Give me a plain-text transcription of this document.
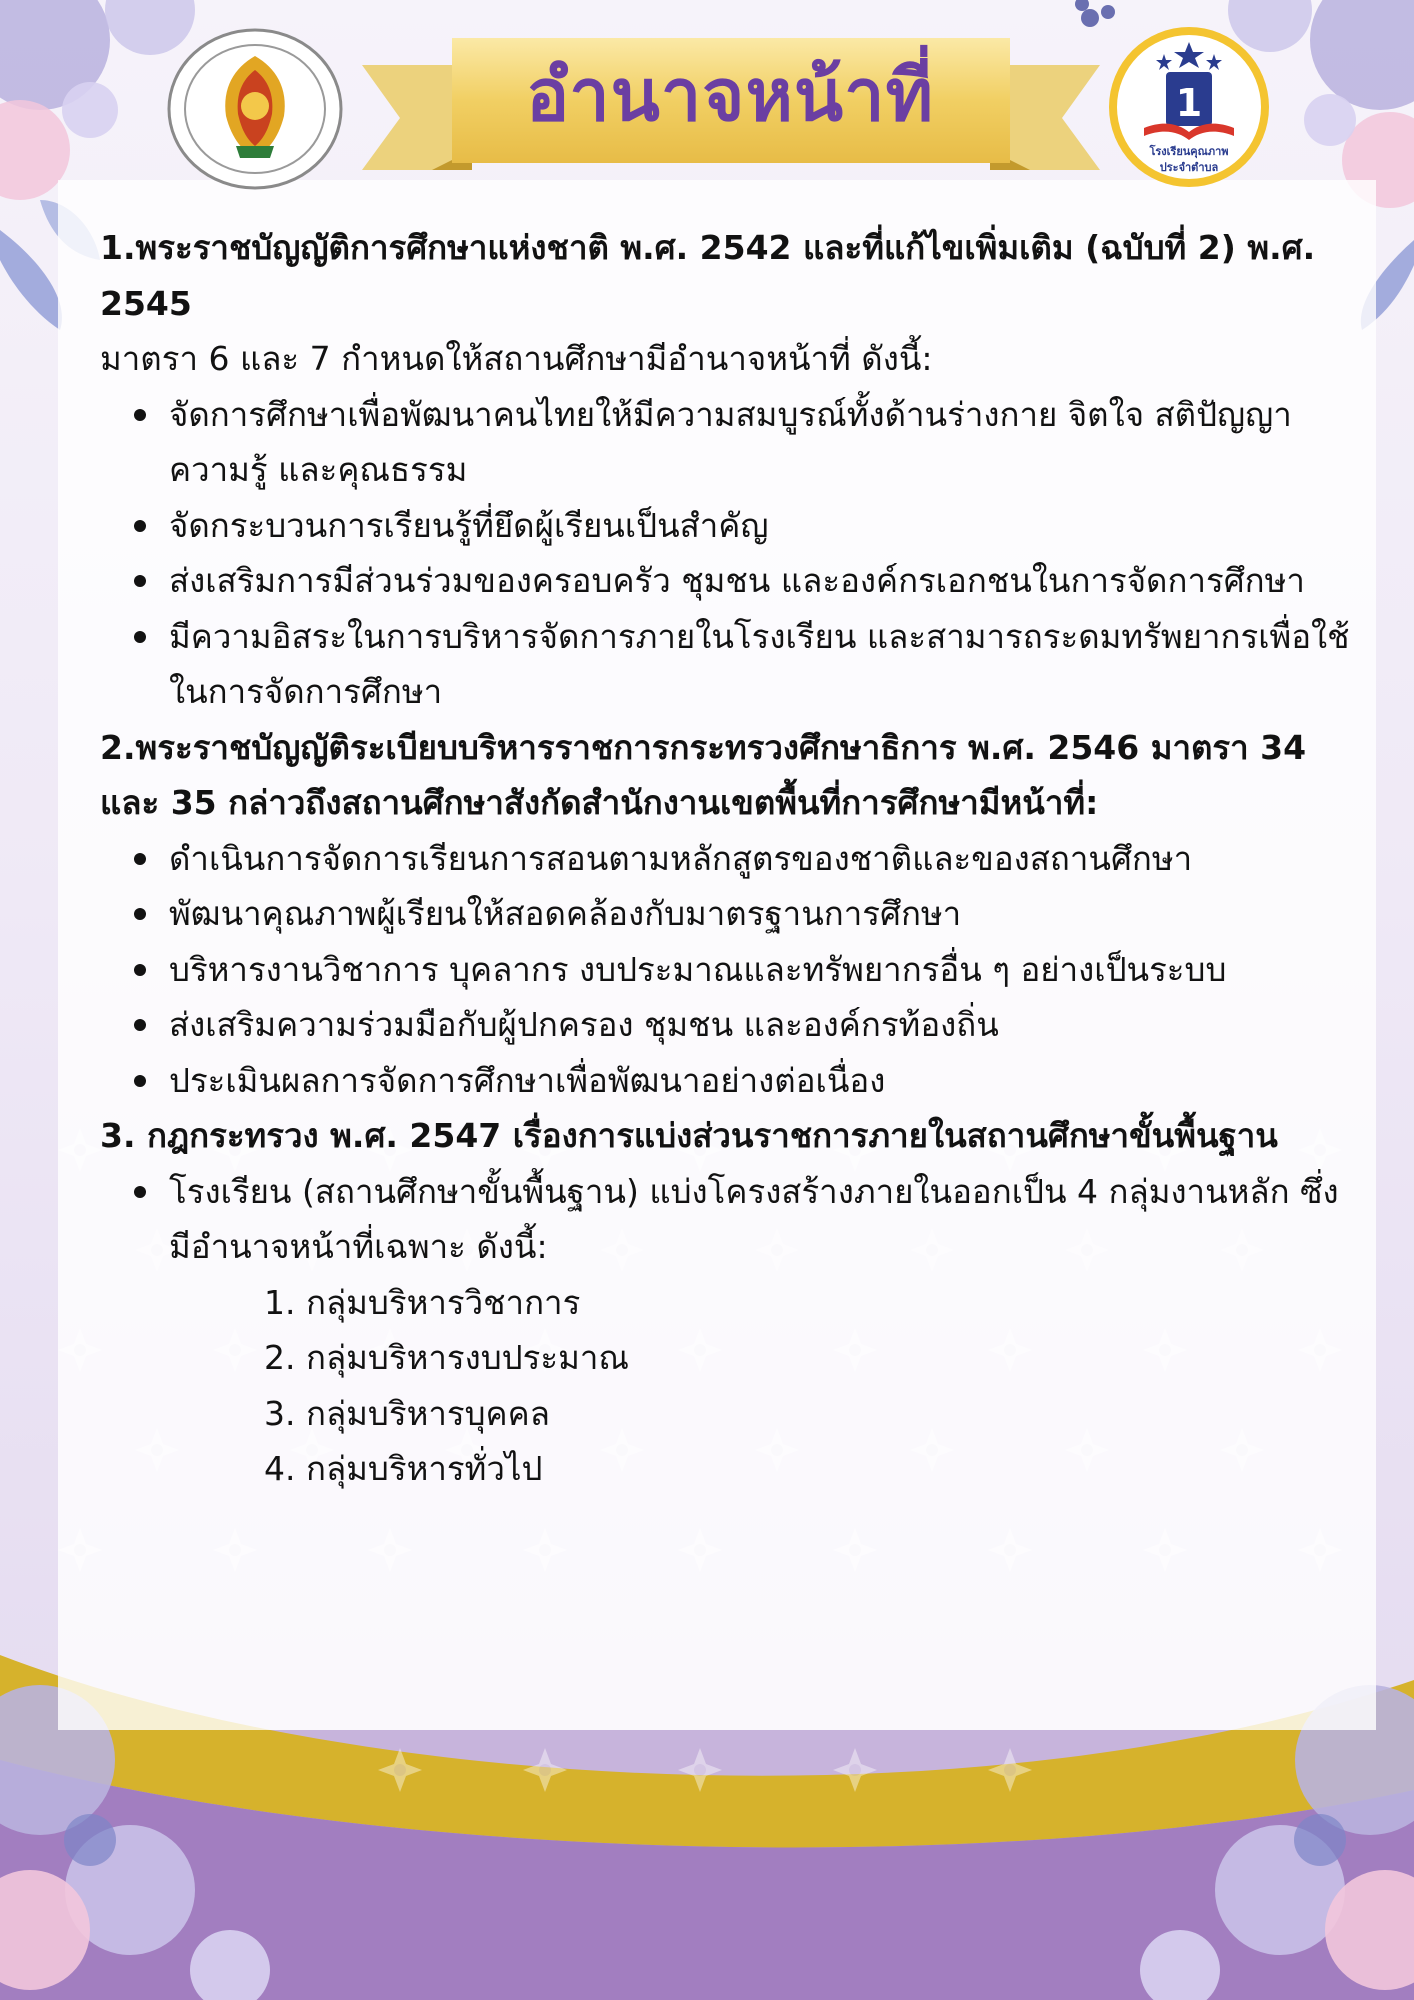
อำนาจหน้าที่	1
โรงเรียนคุณภาพ
ประจำตำบล

1.พระราชบัญญัติการศึกษาแห่งชาติ พ.ศ. 2542 และที่แก้ไขเพิ่มเติม (ฉบับที่ 2) พ.ศ. 2545

มาตรา 6 และ 7 กำหนดให้สถานศึกษามีอำนาจหน้าที่ ดังนี้:

จัดการศึกษาเพื่อพัฒนาคนไทยให้มีความสมบูรณ์ทั้งด้านร่างกาย จิตใจ สติปัญญา ความรู้ และคุณธรรม
จัดกระบวนการเรียนรู้ที่ยึดผู้เรียนเป็นสำคัญ
ส่งเสริมการมีส่วนร่วมของครอบครัว ชุมชน และองค์กรเอกชนในการจัดการศึกษา
มีความอิสระในการบริหารจัดการภายในโรงเรียน และสามารถระดมทรัพยากรเพื่อใช้ในการจัดการศึกษา

2.พระราชบัญญัติระเบียบบริหารราชการกระทรวงศึกษาธิการ พ.ศ. 2546 มาตรา 34 และ 35 กล่าวถึงสถานศึกษาสังกัดสำนักงานเขตพื้นที่การศึกษามีหน้าที่:

ดำเนินการจัดการเรียนการสอนตามหลักสูตรของชาติและของสถานศึกษา
พัฒนาคุณภาพผู้เรียนให้สอดคล้องกับมาตรฐานการศึกษา
บริหารงานวิชาการ บุคลากร งบประมาณและทรัพยากรอื่น ๆ อย่างเป็นระบบ
ส่งเสริมความร่วมมือกับผู้ปกครอง ชุมชน และองค์กรท้องถิ่น
ประเมินผลการจัดการศึกษาเพื่อพัฒนาอย่างต่อเนื่อง

3. กฎกระทรวง พ.ศ. 2547 เรื่องการแบ่งส่วนราชการภายในสถานศึกษาขั้นพื้นฐาน

โรงเรียน (สถานศึกษาขั้นพื้นฐาน) แบ่งโครงสร้างภายในออกเป็น 4 กลุ่มงานหลัก ซึ่งมีอำนาจหน้าที่เฉพาะ ดังนี้:

1. กลุ่มบริหารวิชาการ

2. กลุ่มบริหารงบประมาณ

3. กลุ่มบริหารบุคคล

4. กลุ่มบริหารทั่วไป
